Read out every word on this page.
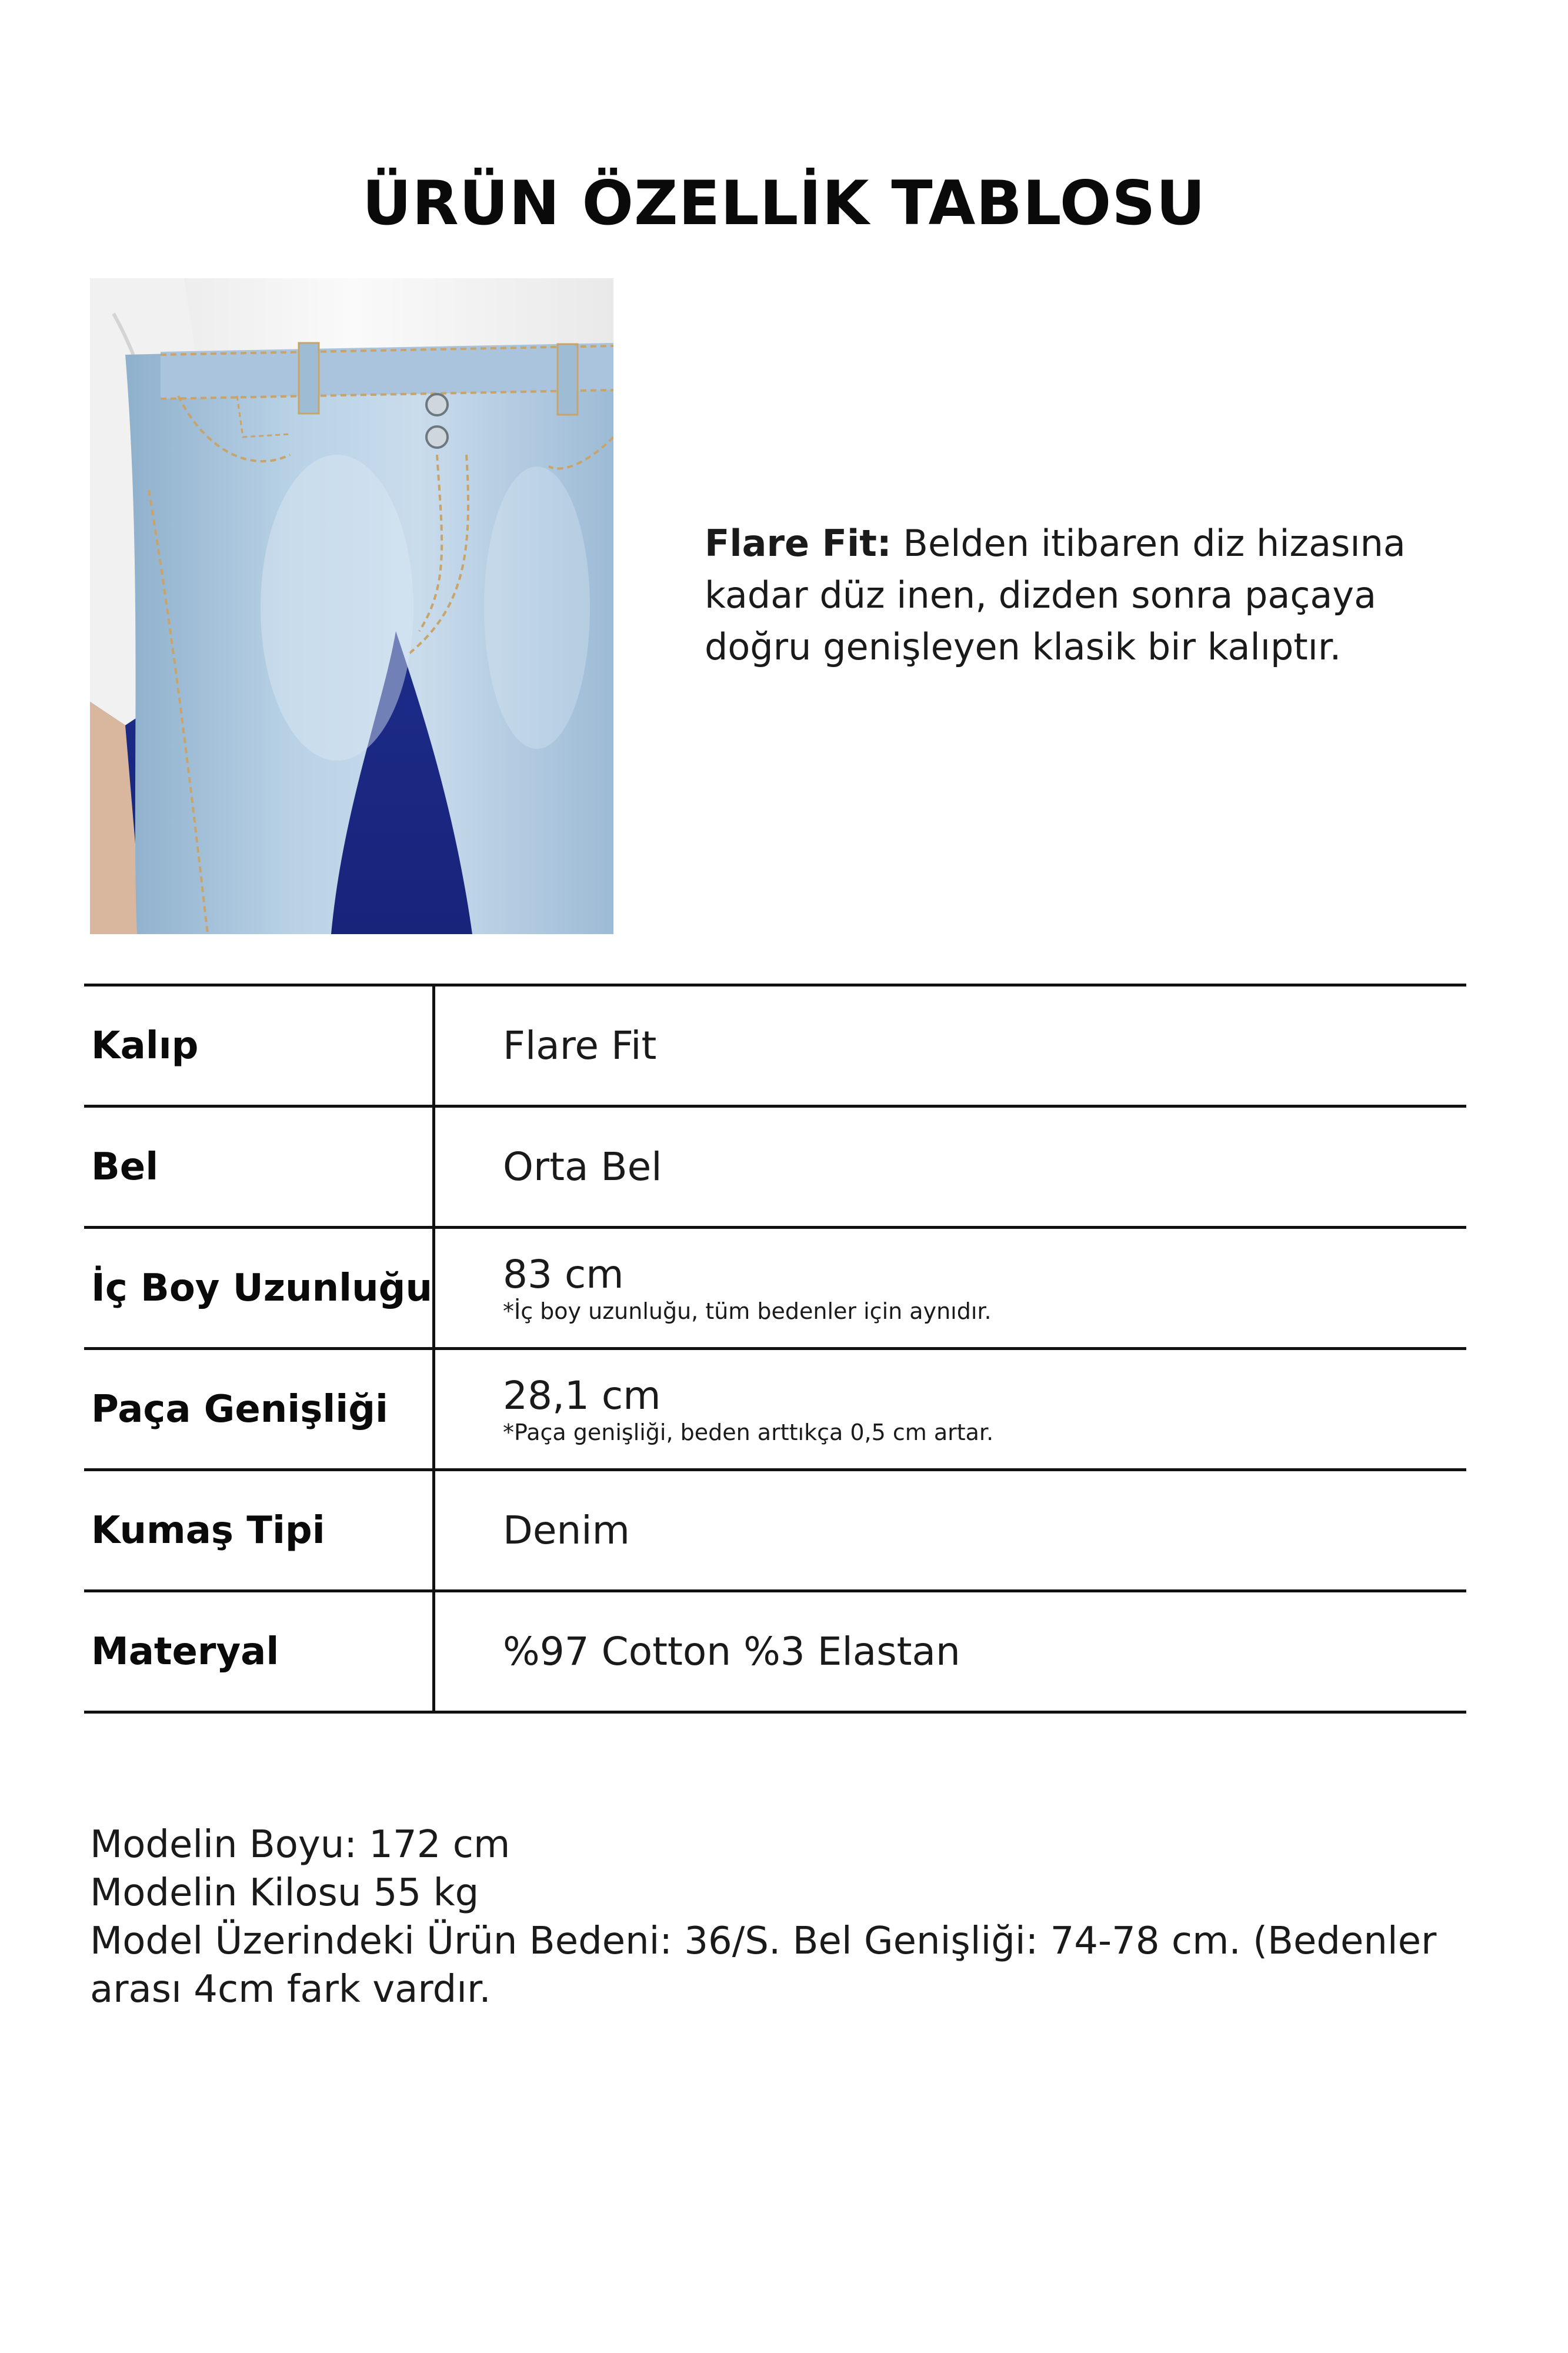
ÜRÜN ÖZELLİK TABLOSU
Flare Fit: Belden itibaren diz hizasına kadar düz inen, dizden sonra paçaya doğru genişleyen klasik bir kalıptır.
Kalıp	Flare Fit
Bel	Orta Bel
İç Boy Uzunluğu 83 cm
*İç boy uzunluğu, tüm bedenler için aynıdır.
Paça Genişliği	28,1 cm
*Paça genişliği, beden arttıkça 0,5 cm artar.
Kumaş Tipi	Denim
Materyal	%97 Cotton %3 Elastan
Modelin Boyu: 172 cm
Modelin Kilosu 55 kg
Model Üzerindeki Ürün Bedeni: 36/S. Bel Genişliği: 74-78 cm. (Bedenler arası 4cm fark vardır.
